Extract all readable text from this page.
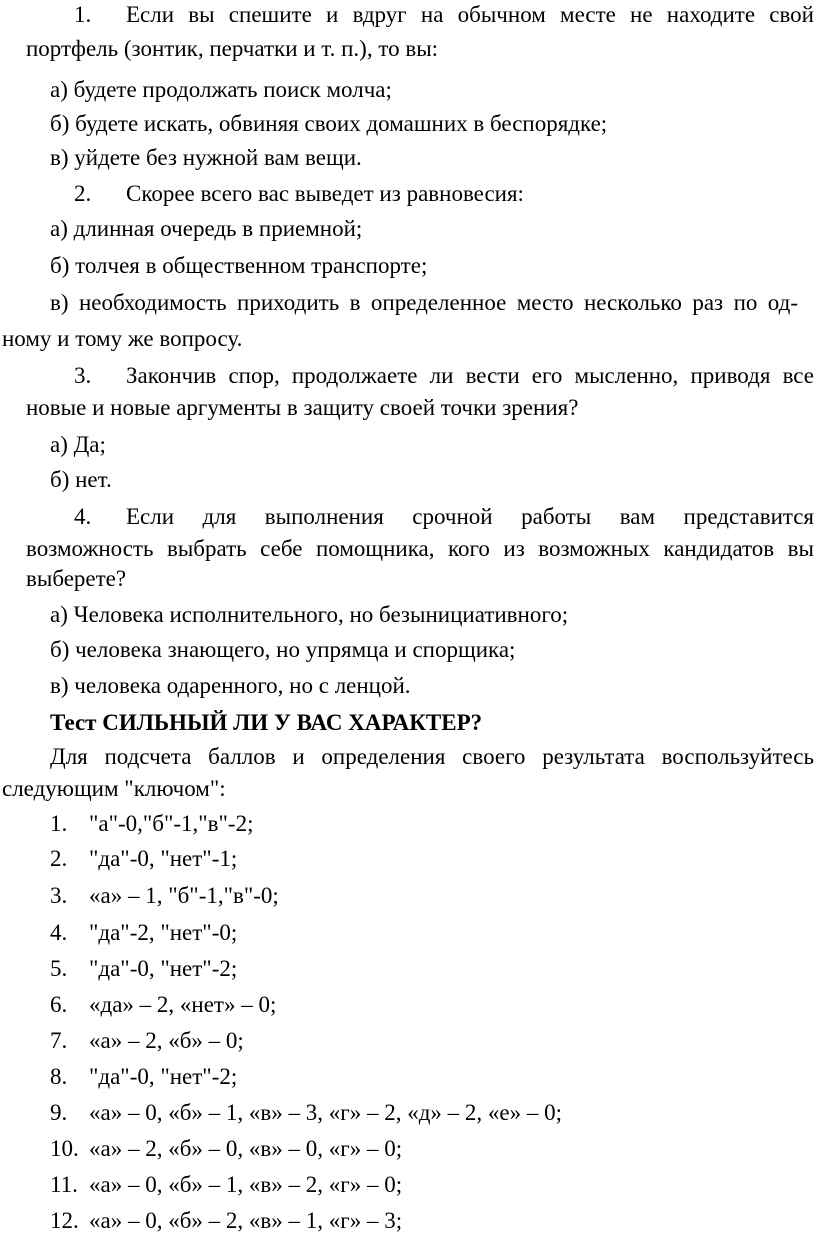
1. Если вы спешите и вдруг на обычном месте не находите свой

портфель (зонтик, перчатки и т. п.), то вы:

а) будете продолжать поиск молча;

б) будете искать, обвиняя своих домашних в беспорядке;

в) уйдете без нужной вам вещи.

2. Скорее всего вас выведет из равновесия:

а) длинная очередь в приемной;

б) толчея в общественном транспорте;

в) необходимость приходить в определенное место несколько раз по од-

ному и тому же вопросу.

3. Закончив спор, продолжаете ли вести его мысленно, приводя все

новые и новые аргументы в защиту своей точки зрения?

а) Да;

б) нет.

4. Если для выполнения срочной работы вам представится

возможность выбрать себе помощника, кого из возможных кандидатов вы

выберете?

а) Человека исполнительного, но безынициативного;

б) человека знающего, но упрямца и спорщика;

в) человека одаренного, но с ленцой.

Тест СИЛЬНЫЙ ЛИ У ВАС ХАРАКТЕР?

Для подсчета баллов и определения своего результата воспользуйтесь

следующим "ключом":

1. "а"-0,"б"-1,"в"-2;
2. "да"-0, "нет"-1;
3. «а» – 1, "б"-1,"в"-0;
4. "да"-2, "нет"-0;
5. "да"-0, "нет"-2;
6. «да» – 2, «нет» – 0;
7. «а» – 2, «б» – 0;
8. "да"-0, "нет"-2;
9. «а» – 0, «б» – 1, «в» – 3, «г» – 2, «д» – 2, «е» – 0;
10. «а» – 2, «б» – 0, «в» – 0, «г» – 0;
11. «а» – 0, «б» – 1, «в» – 2, «г» – 0;
12. «а» – 0, «б» – 2, «в» – 1, «г» – 3;
